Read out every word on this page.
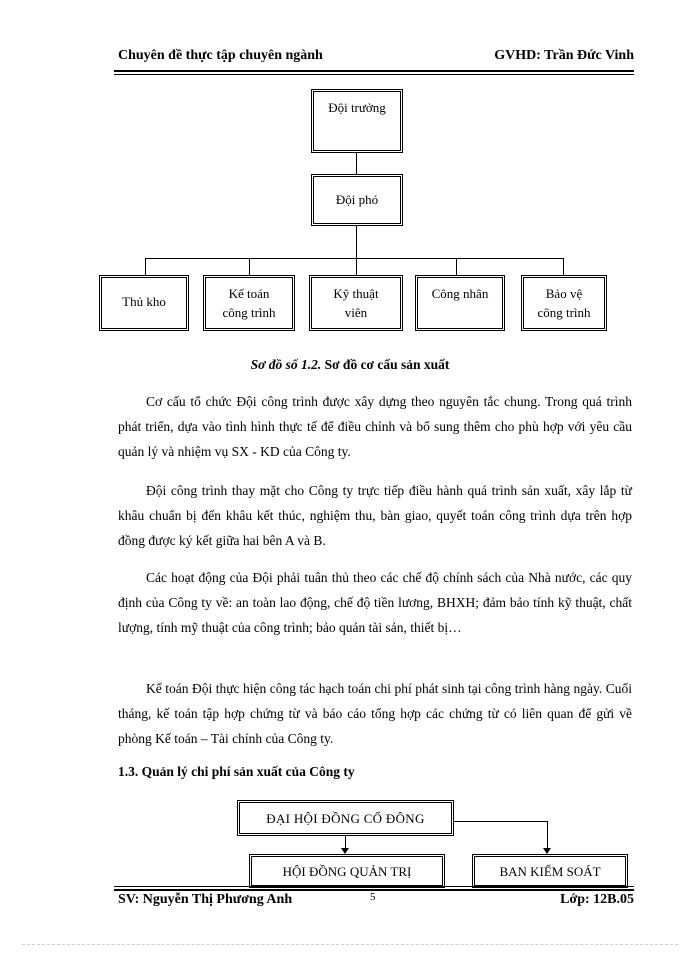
Chuyên đề thực tập chuyên ngành	GVHD: Trần Đức Vinh
Đội trưởng
Đội phó
Thủ kho
Kế toán công trình
Kỹ thuật viên
Công nhân	Bảo vệ công trình
Sơ đồ số 1.2. Sơ đồ cơ cấu sản xuất

Cơ cấu tổ chức Đội công trình được xây dựng theo nguyên tắc chung. Trong quá trình phát triển, dựa vào tình hình thực tế để điều chỉnh và bổ sung thêm cho phù hợp với yêu cầu quản lý và nhiệm vụ SX - KD của Công ty.

Đội công trình thay mặt cho Công ty trực tiếp điều hành quá trình sản xuất, xây lắp từ khâu chuẩn bị đến khâu kết thúc, nghiệm thu, bàn giao, quyết toán công trình dựa trên hợp đồng được ký kết giữa hai bên A và B.

Các hoạt động của Đội phải tuân thủ theo các chế độ chính sách của Nhà nước, các quy định của Công ty về: an toàn lao động, chế độ tiền lương, BHXH; đảm bảo tính kỹ thuật, chất lượng, tính mỹ thuật của công trình; bảo quản tài sản, thiết bị…

Kế toán Đội thực hiện công tác hạch toán chi phí phát sinh tại công trình hàng ngày. Cuối tháng, kế toán tập hợp chứng từ và báo cáo tổng hợp các chứng từ có liên quan để gửi về phòng Kế toán – Tài chính của Công ty.

1.3. Quản lý chi phí sản xuất của Công ty
ĐẠI HỘI ĐỒNG CỔ ĐÔNG
HỘI ĐỒNG QUẢN TRỊ	BAN KIỂM SOÁT
SV: Nguyễn Thị Phương Anh	5	Lớp: 12B.05
